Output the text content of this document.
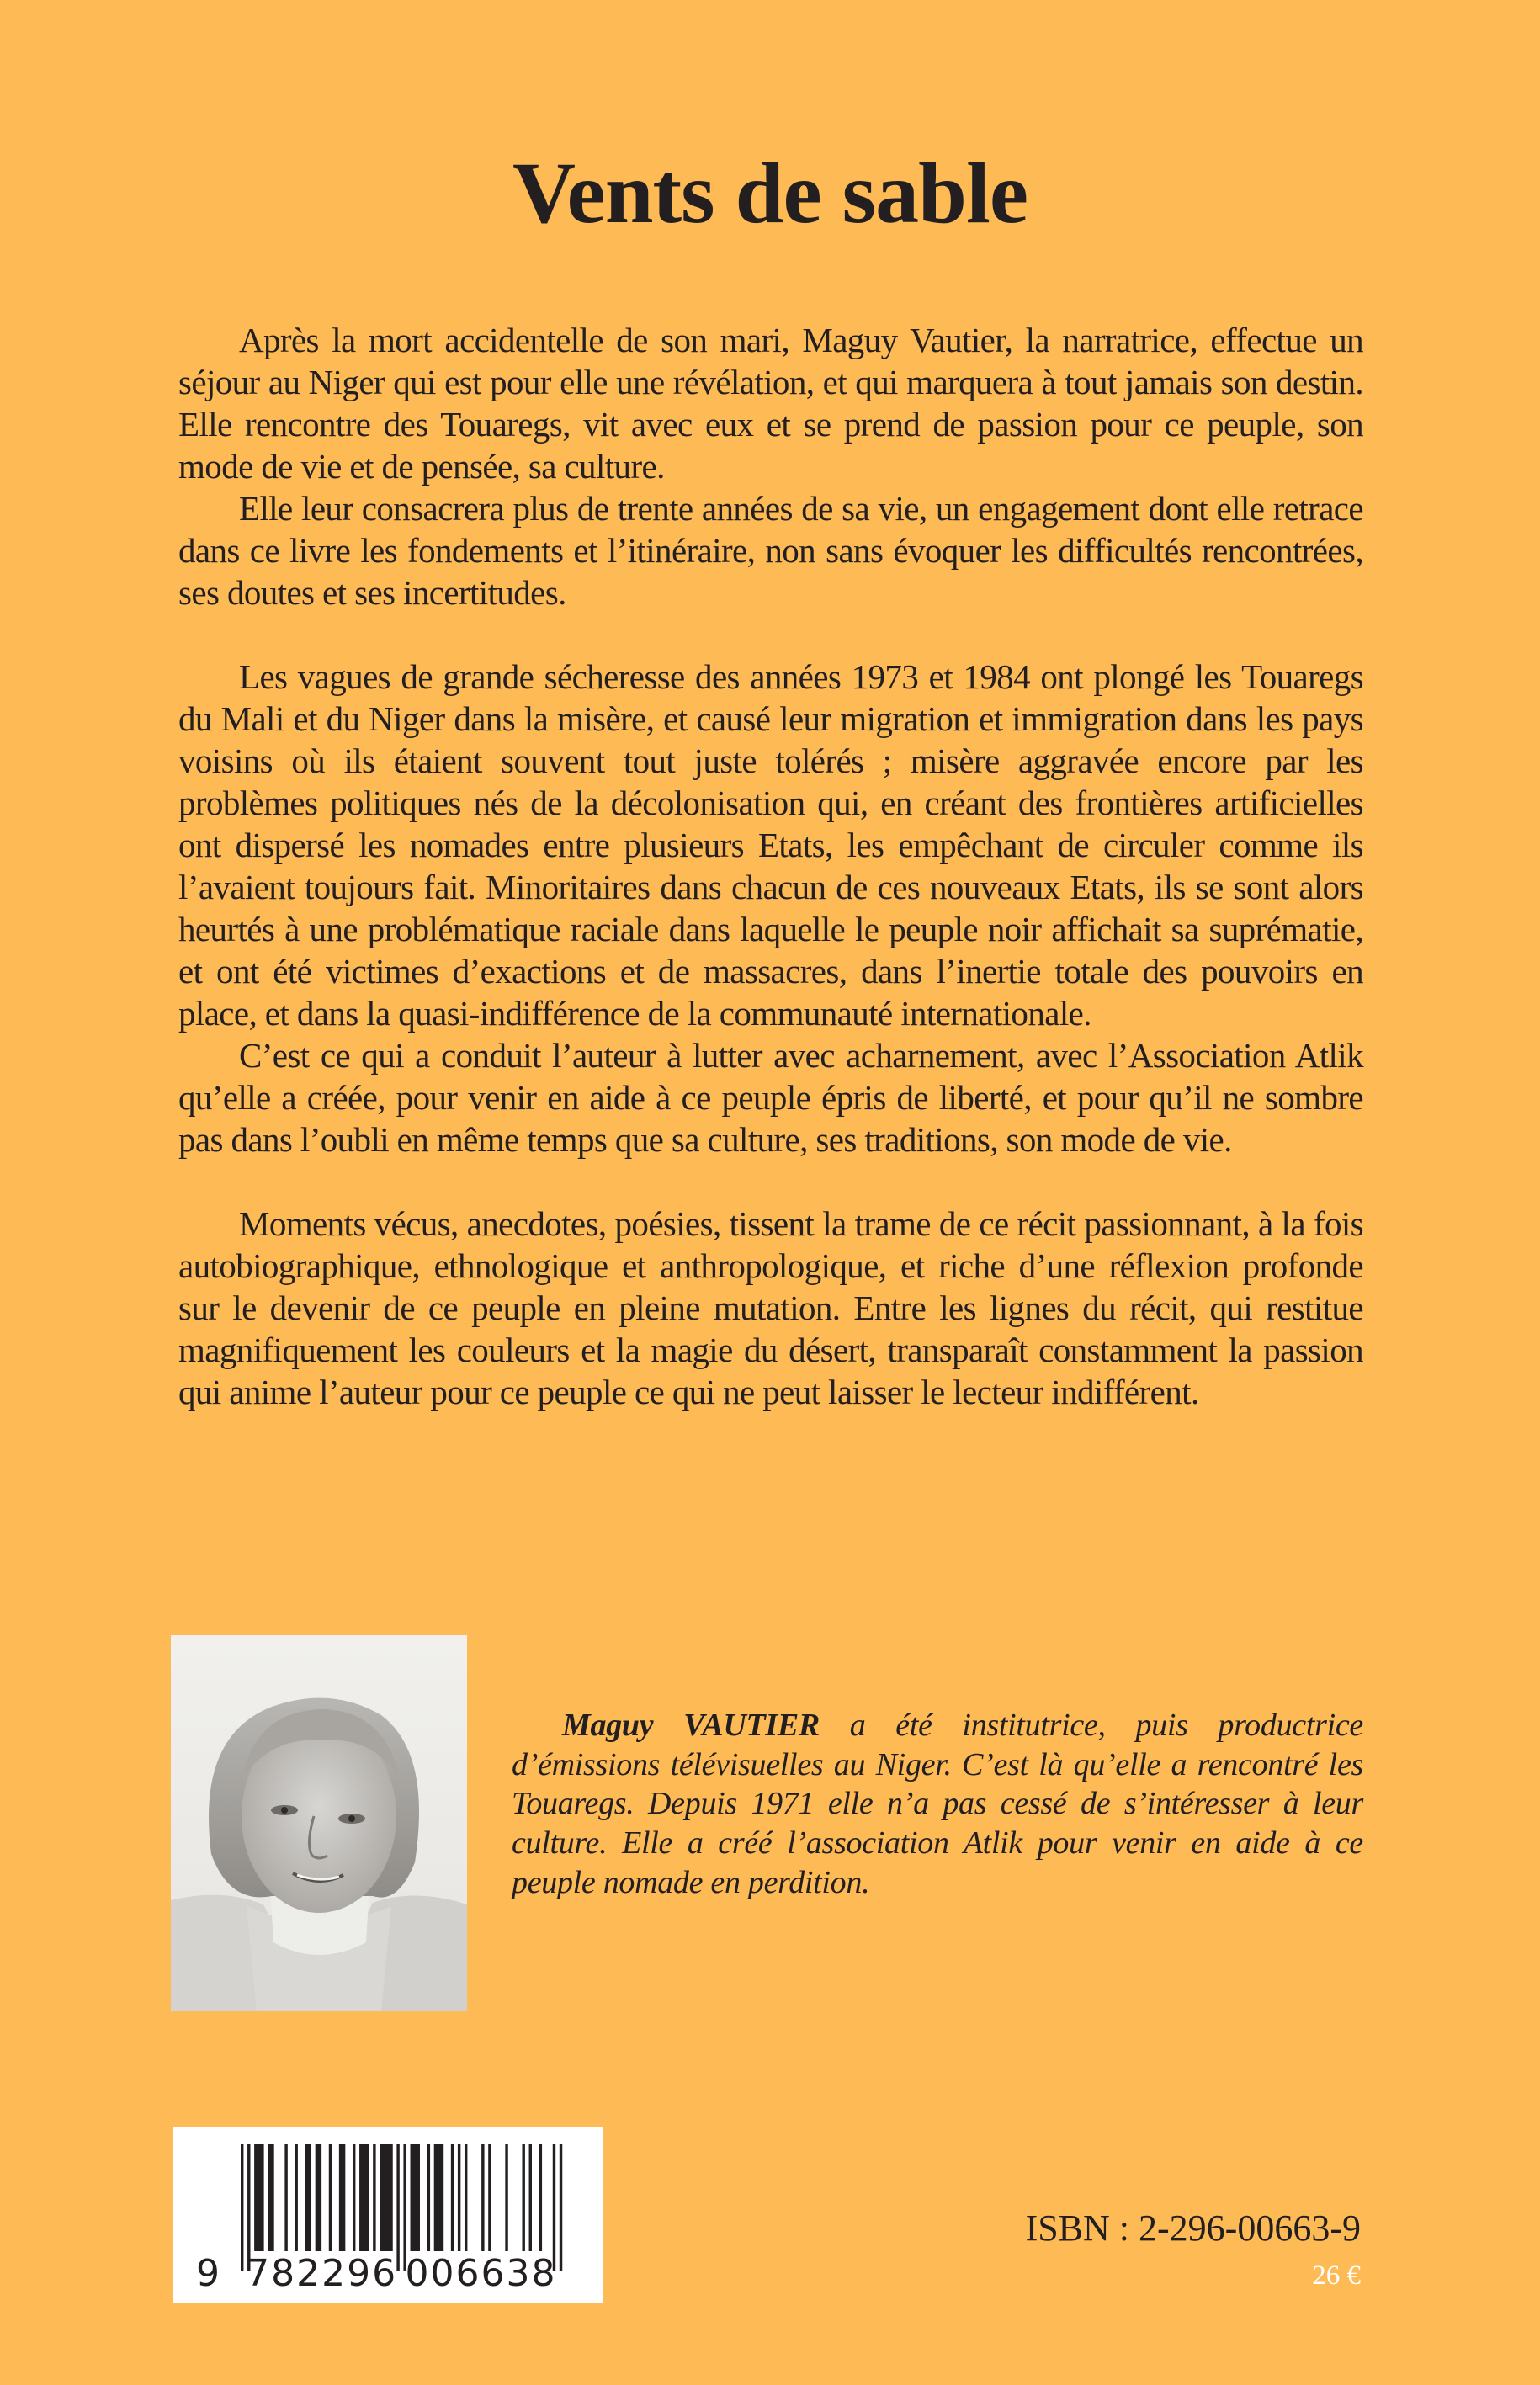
Vents de sable

Après la mort accidentelle de son mari, Maguy Vautier, la narratrice, effectue un séjour au Niger qui est pour elle une révélation, et qui marquera à tout jamais son destin. Elle rencontre des Touaregs, vit avec eux et se prend de passion pour ce peuple, son mode de vie et de pensée, sa culture.

Elle leur consacrera plus de trente années de sa vie, un engagement dont elle retrace dans ce livre les fondements et l’itinéraire, non sans évoquer les difficultés rencontrées, ses doutes et ses incertitudes.

Les vagues de grande sécheresse des années 1973 et 1984 ont plongé les Touaregs du Mali et du Niger dans la misère, et causé leur migration et immigration dans les pays voisins où ils étaient souvent tout juste tolérés ; misère aggravée encore par les problèmes politiques nés de la décolonisation qui, en créant des frontières artificielles ont dispersé les nomades entre plusieurs Etats, les empêchant de circuler comme ils l’avaient toujours fait. Minoritaires dans chacun de ces nouveaux Etats, ils se sont alors heurtés à une problématique raciale dans laquelle le peuple noir affichait sa suprématie, et ont été victimes d’exactions et de massacres, dans l’inertie totale des pouvoirs en place, et dans la quasi-indifférence de la communauté internationale.

C’est ce qui a conduit l’auteur à lutter avec acharnement, avec l’Association Atlik qu’elle a créée, pour venir en aide à ce peuple épris de liberté, et pour qu’il ne sombre pas dans l’oubli en même temps que sa culture, ses traditions, son mode de vie.

Moments vécus, anecdotes, poésies, tissent la trame de ce récit passionnant, à la fois autobiographique, ethnologique et anthropologique, et riche d’une réflexion profonde sur le devenir de ce peuple en pleine mutation. Entre les lignes du récit, qui restitue magnifiquement les couleurs et la magie du désert, transparaît constamment la passion qui anime l’auteur pour ce peuple ce qui ne peut laisser le lecteur indifférent.

Maguy VAUTIER a été institutrice, puis productrice d’émissions télévisuelles au Niger. C’est là qu’elle a rencontré les Touaregs. Depuis 1971 elle n’a pas cessé de s’intéresser à leur culture. Elle a créé l’association Atlik pour venir en aide à ce peuple nomade en perdition.

9 782296 006638
ISBN : 2-296-00663-9
26 €
